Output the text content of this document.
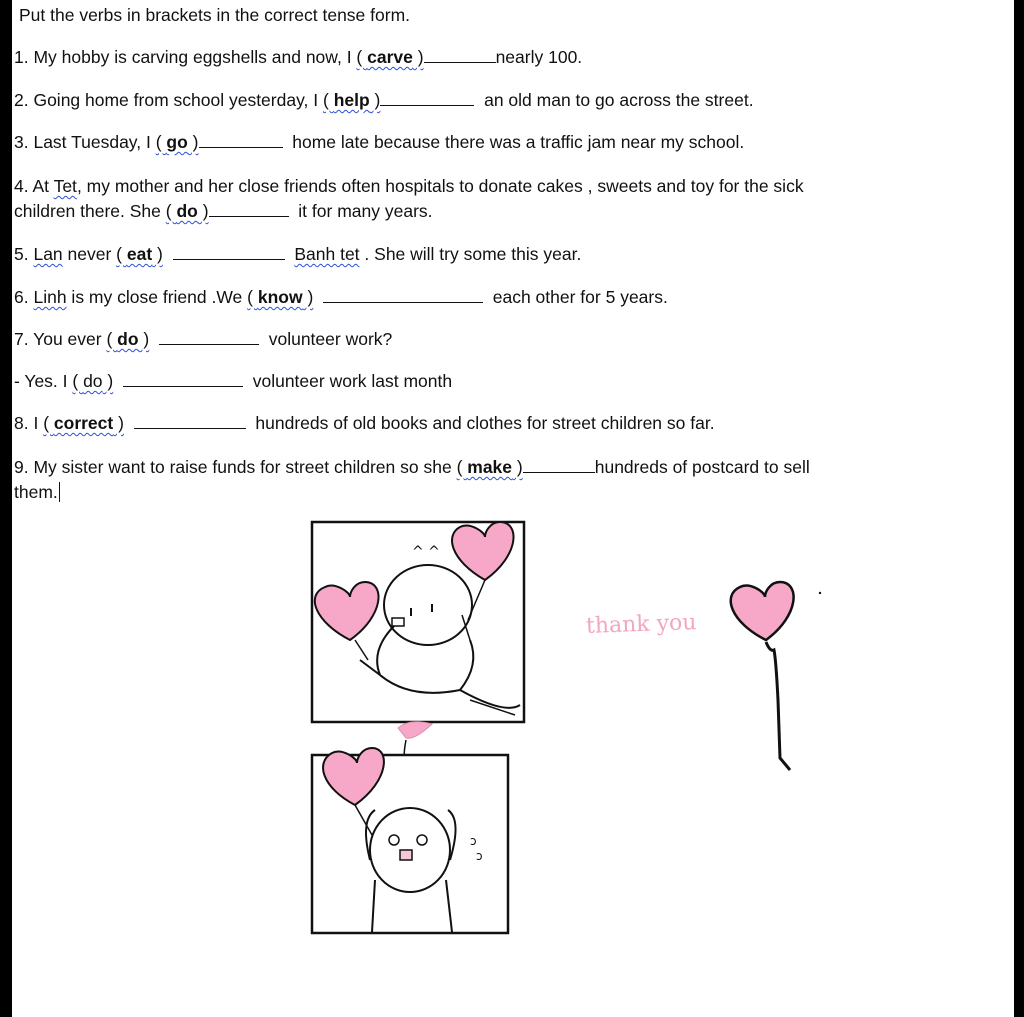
Put the verbs in brackets in the correct tense form.
1. My hobby is carving eggshells and now, I ( carve )	nearly 100.
2. Going home from school yesterday, I ( help )	an old man to go across the street.
3. Last Tuesday, I ( go )	home late because there was a traffic jam near my school.
4. At Tet, my mother and her close friends often hospitals to donate cakes , sweets and toy for the sick
children there. She ( do )	it for many years.
5. Lan never ( eat )	Banh tet . She will try some this year.
6. Linh is my close friend .We ( know )	each other for 5 years.
7. You ever ( do )	volunteer work?
- Yes. I ( do )	volunteer work last month
8. I ( correct )	hundreds of old books and clothes for street children so far.
9. My sister want to raise funds for street children so she ( make )	hundreds of postcard to sell
them.
^ ^
ɔ
ɔ
thank you
